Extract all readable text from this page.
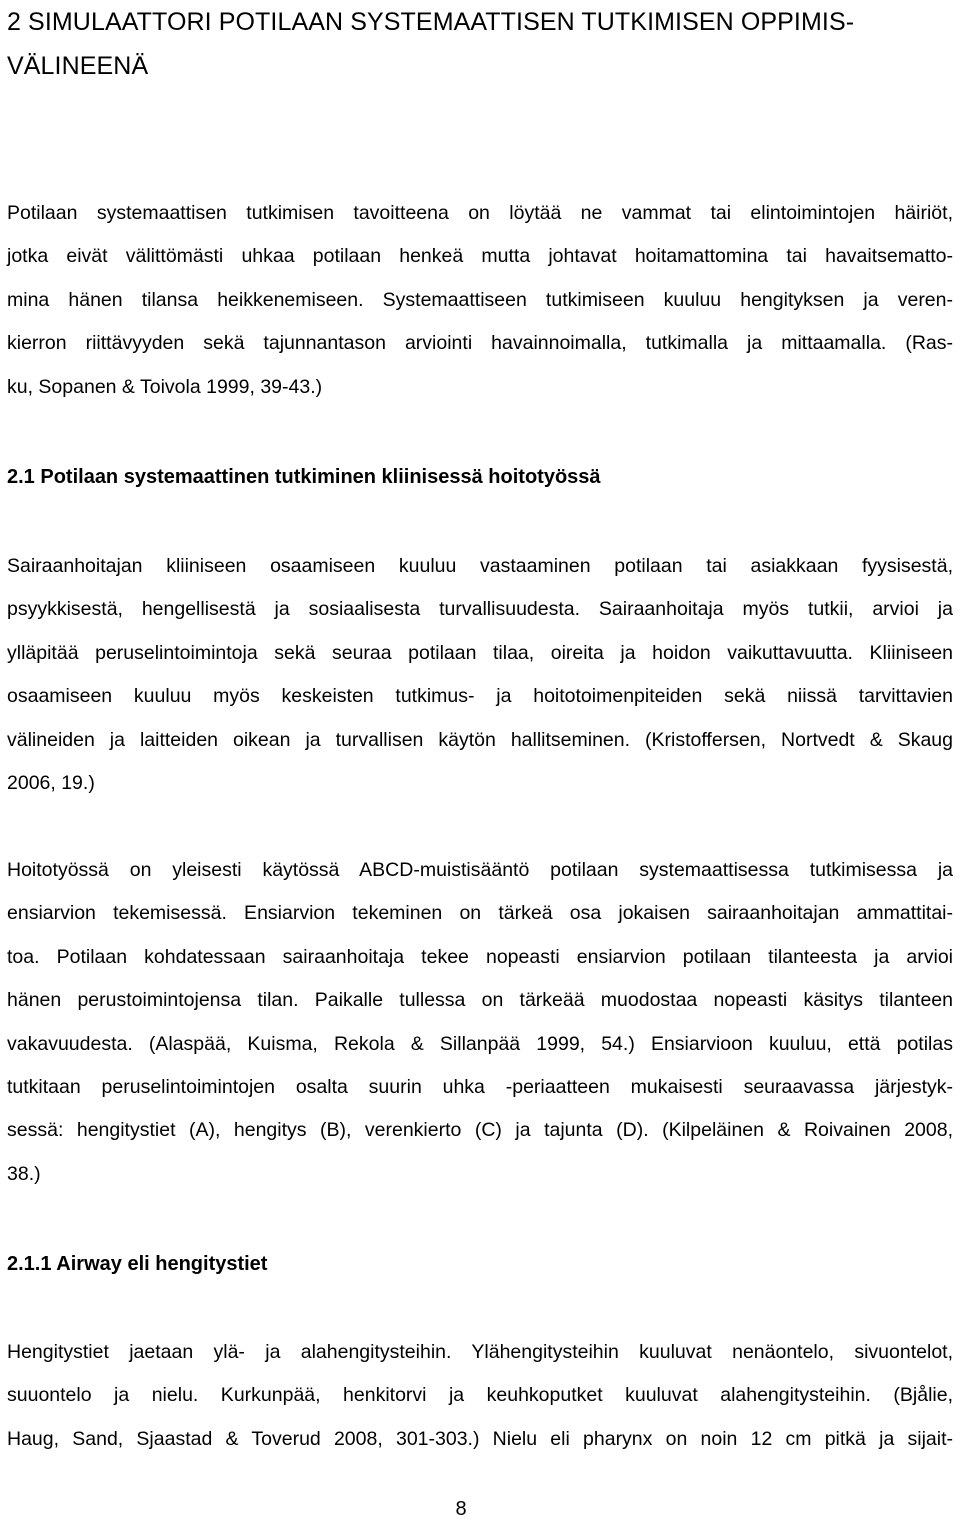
2 SIMULAATTORI POTILAAN SYSTEMAATTISEN TUTKIMISEN OPPIMIS-
VÄLINEENÄ

Potilaan systemaattisen tutkimisen tavoitteena on löytää ne vammat tai elintoimintojen häiriöt,
jotka eivät välittömästi uhkaa potilaan henkeä mutta johtavat hoitamattomina tai havaitsematto-
mina hänen tilansa heikkenemiseen. Systemaattiseen tutkimiseen kuuluu hengityksen ja veren-
kierron riittävyyden sekä tajunnantason arviointi havainnoimalla, tutkimalla ja mittaamalla. (Ras-
ku, Sopanen & Toivola 1999, 39-43.)

2.1 Potilaan systemaattinen tutkiminen kliinisessä hoitotyössä

Sairaanhoitajan kliiniseen osaamiseen kuuluu vastaaminen potilaan tai asiakkaan fyysisestä,
psyykkisestä, hengellisestä ja sosiaalisesta turvallisuudesta. Sairaanhoitaja myös tutkii, arvioi ja
ylläpitää peruselintoimintoja sekä seuraa potilaan tilaa, oireita ja hoidon vaikuttavuutta. Kliiniseen
osaamiseen kuuluu myös keskeisten tutkimus- ja hoitotoimenpiteiden sekä niissä tarvittavien
välineiden ja laitteiden oikean ja turvallisen käytön hallitseminen. (Kristoffersen, Nortvedt & Skaug
2006, 19.)

Hoitotyössä on yleisesti käytössä ABCD-muistisääntö potilaan systemaattisessa tutkimisessa ja
ensiarvion tekemisessä. Ensiarvion tekeminen on tärkeä osa jokaisen sairaanhoitajan ammattitai-
toa. Potilaan kohdatessaan sairaanhoitaja tekee nopeasti ensiarvion potilaan tilanteesta ja arvioi
hänen perustoimintojensa tilan. Paikalle tullessa on tärkeää muodostaa nopeasti käsitys tilanteen
vakavuudesta. (Alaspää, Kuisma, Rekola & Sillanpää 1999, 54.) Ensiarvioon kuuluu, että potilas
tutkitaan peruselintoimintojen osalta suurin uhka -periaatteen mukaisesti seuraavassa järjestyk-
sessä: hengitystiet (A), hengitys (B), verenkierto (C) ja tajunta (D). (Kilpeläinen & Roivainen 2008,
38.)

2.1.1 Airway eli hengitystiet

Hengitystiet jaetaan ylä- ja alahengitysteihin. Ylähengitysteihin kuuluvat nenäontelo, sivuontelot,
suuontelo ja nielu. Kurkunpää, henkitorvi ja keuhkoputket kuuluvat alahengitysteihin. (Bjålie,
Haug, Sand, Sjaastad & Toverud 2008, 301-303.) Nielu eli pharynx on noin 12 cm pitkä ja sijait-

8
